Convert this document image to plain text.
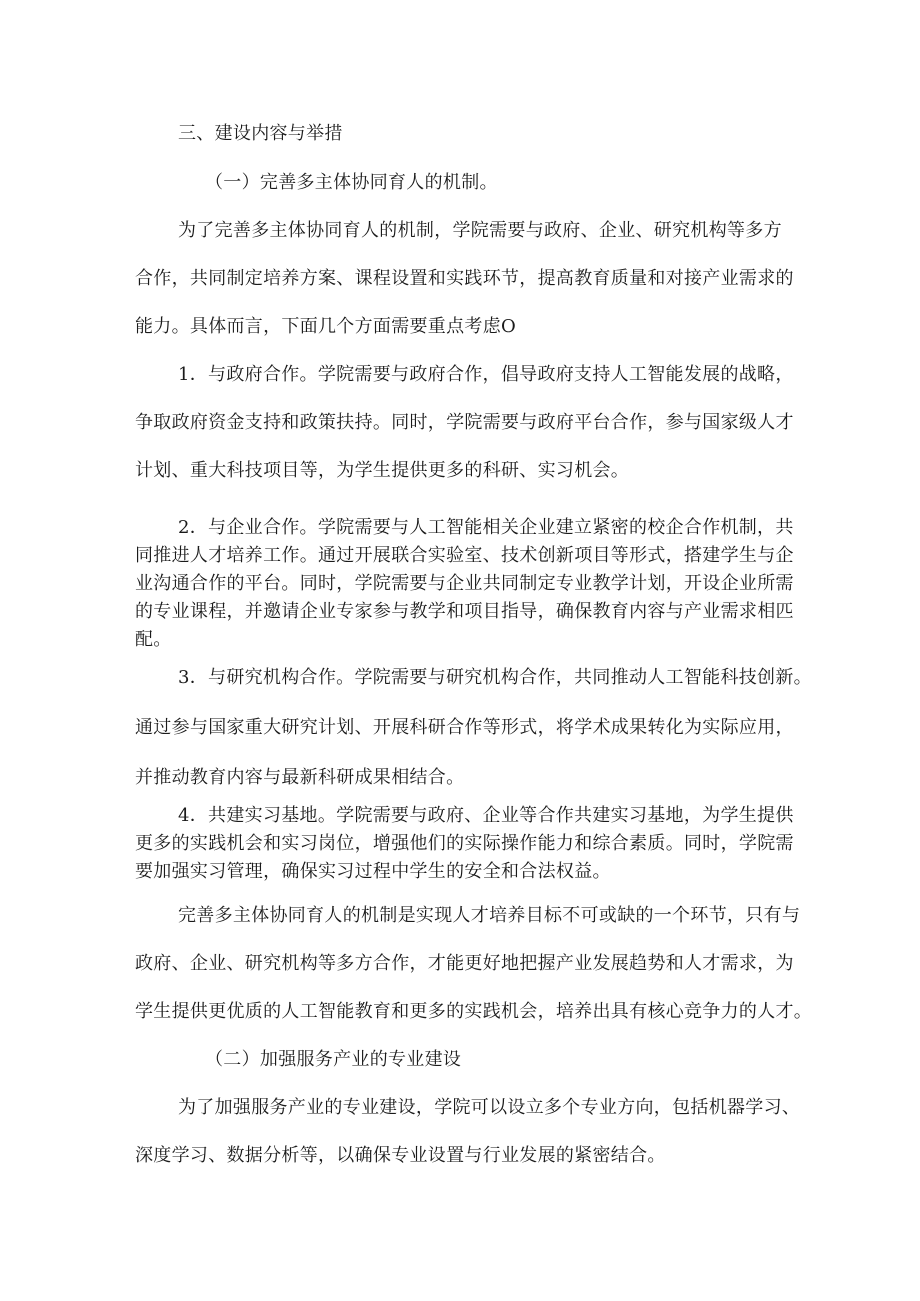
三、建设内容与举措
（一）完善多主体协同育人的机制。
为了完善多主体协同育人的机制，学院需要与政府、企业、研究机构等多方
合作，共同制定培养方案、课程设置和实践环节，提高教育质量和对接产业需求的
能力。具体而言，下面几个方面需要重点考虑O
1．与政府合作。学院需要与政府合作，倡导政府支持人工智能发展的战略，
争取政府资金支持和政策扶持。同时，学院需要与政府平台合作，参与国家级人才
计划、重大科技项目等，为学生提供更多的科研、实习机会。
2．与企业合作。学院需要与人工智能相关企业建立紧密的校企合作机制，共
同推进人才培养工作。通过开展联合实验室、技术创新项目等形式，搭建学生与企
业沟通合作的平台。同时，学院需要与企业共同制定专业教学计划，开设企业所需
的专业课程，并邀请企业专家参与教学和项目指导，确保教育内容与产业需求相匹
配。
3．与研究机构合作。学院需要与研究机构合作，共同推动人工智能科技创新。
通过参与国家重大研究计划、开展科研合作等形式，将学术成果转化为实际应用，
并推动教育内容与最新科研成果相结合。
4．共建实习基地。学院需要与政府、企业等合作共建实习基地，为学生提供
更多的实践机会和实习岗位，增强他们的实际操作能力和综合素质。同时，学院需
要加强实习管理，确保实习过程中学生的安全和合法权益。
完善多主体协同育人的机制是实现人才培养目标不可或缺的一个环节，只有与
政府、企业、研究机构等多方合作，才能更好地把握产业发展趋势和人才需求，为
学生提供更优质的人工智能教育和更多的实践机会，培养出具有核心竞争力的人才。
（二）加强服务产业的专业建设
为了加强服务产业的专业建设，学院可以设立多个专业方向，包括机器学习、
深度学习、数据分析等，以确保专业设置与行业发展的紧密结合。
